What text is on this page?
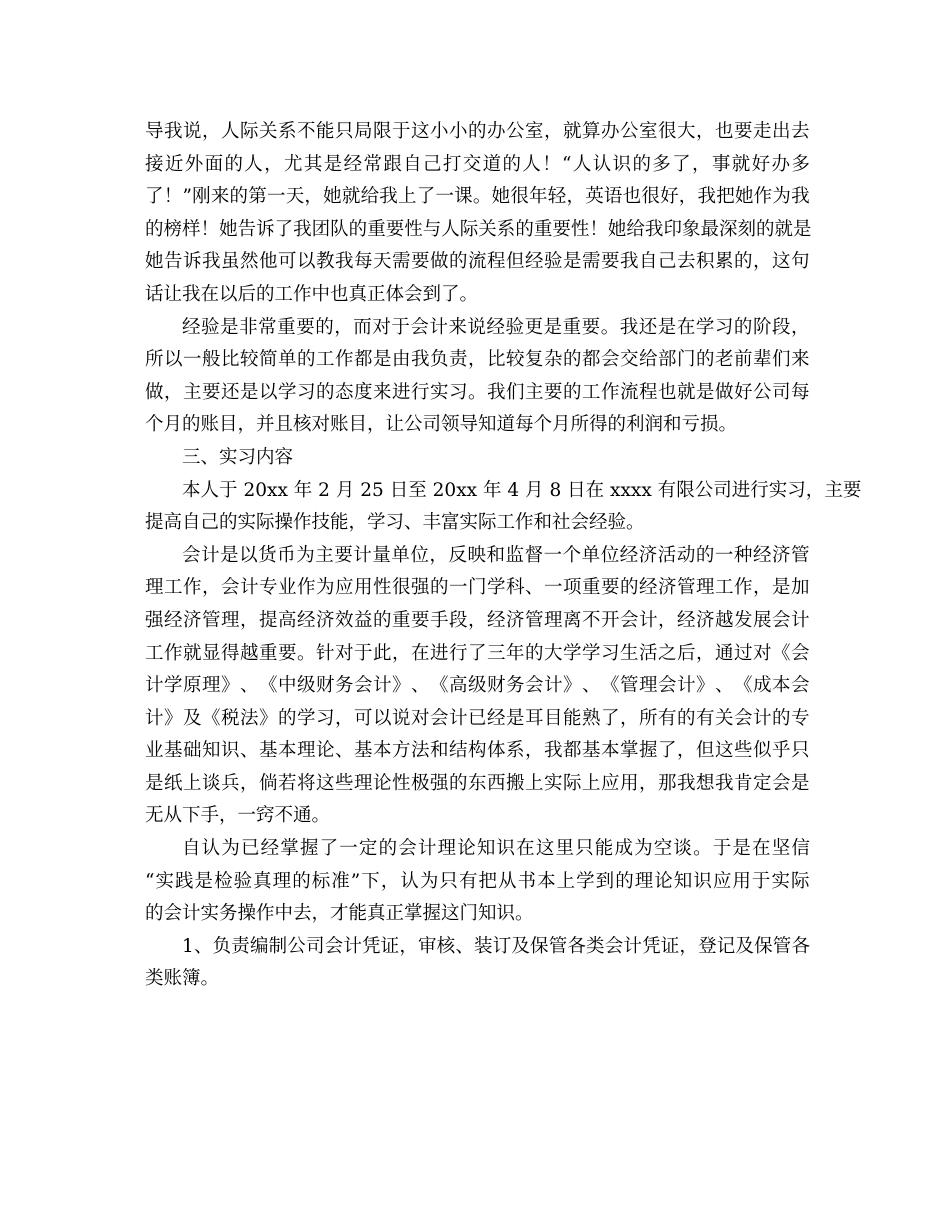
导 我 说 ， 人 际 关 系 不 能 只 局 限 于 这 小 小 的 办 公 室 ， 就 算 办 公 室 很 大 ， 也 要 走 出 去
接 近 外 面 的 人 ， 尤 其 是 经 常 跟 自 己 打 交 道 的 人 ！ “ 人 认 识 的 多 了 ， 事 就 好 办 多
了 ！ ” 刚 来 的 第 一 天 ， 她 就 给 我 上 了 一 课 。 她 很 年 轻 ， 英 语 也 很 好 ， 我 把 她 作 为 我
的 榜 样 ！ 她 告 诉 了 我 团 队 的 重 要 性 与 人 际 关 系 的 重 要 性 ！ 她 给 我 印 象 最 深 刻 的 就 是
她 告 诉 我 虽 然 他 可 以 教 我 每 天 需 要 做 的 流 程 但 经 验 是 需 要 我 自 己 去 积 累 的 ， 这 句
话让我在以后的工作中也真正体会到了。
经 验 是 非 常 重 要 的 ， 而 对 于 会 计 来 说 经 验 更 是 重 要 。 我 还 是 在 学 习 的 阶 段 ，
所 以 一 般 比 较 简 单 的 工 作 都 是 由 我 负 责 ， 比 较 复 杂 的 都 会 交 给 部 门 的 老 前 辈 们 来
做 ， 主 要 还 是 以 学 习 的 态 度 来 进 行 实 习 。 我 们 主 要 的 工 作 流 程 也 就 是 做 好 公 司 每
个月的账目，并且核对账目，让公司领导知道每个月所得的利润和亏损。
三、实习内容
本 人 于
2 0 x x
年
2
月
2 5
日 至
2 0 x x
年
4
月
8
日 在
x x x x
有 限 公 司 进 行 实 习 ， 主 要
提高自己的实际操作技能，学习、丰富实际工作和社会经验。
会 计 是 以 货 币 为 主 要 计 量 单 位 ， 反 映 和 监 督 一 个 单 位 经 济 活 动 的 一 种 经 济 管
理 工 作 ， 会 计 专 业 作 为 应 用 性 很 强 的 一 门 学 科 、 一 项 重 要 的 经 济 管 理 工 作 ， 是 加
强 经 济 管 理 ， 提 高 经 济 效 益 的 重 要 手 段 ， 经 济 管 理 离 不 开 会 计 ， 经 济 越 发 展 会 计
工 作 就 显 得 越 重 要 。 针 对 于 此 ， 在 进 行 了 三 年 的 大 学 学 习 生 活 之 后 ， 通 过 对 《 会
计 学 原 理 》 、 《 中 级 财 务 会 计 》 、 《 高 级 财 务 会 计 》 、 《 管 理 会 计 》 、 《 成 本 会
计 》 及 《 税 法 》 的 学 习 ， 可 以 说 对 会 计 已 经 是 耳 目 能 熟 了 ， 所 有 的 有 关 会 计 的 专
业 基 础 知 识 、 基 本 理 论 、 基 本 方 法 和 结 构 体 系 ， 我 都 基 本 掌 握 了 ， 但 这 些 似 乎 只
是 纸 上 谈 兵 ， 倘 若 将 这 些 理 论 性 极 强 的 东 西 搬 上 实 际 上 应 用 ， 那 我 想 我 肯 定 会 是
无从下手，一窍不通。
自 认 为 已 经 掌 握 了 一 定 的 会 计 理 论 知 识 在 这 里 只 能 成 为 空 谈 。 于 是 在 坚 信
“ 实 践 是 检 验 真 理 的 标 准 ” 下 ， 认 为 只 有 把 从 书 本 上 学 到 的 理 论 知 识 应 用 于 实 际
的会计实务操作中去，才能真正掌握这门知识。
1 、 负 责 编 制 公 司 会 计 凭 证 ， 审 核 、 装 订 及 保 管 各 类 会 计 凭 证 ， 登 记 及 保 管 各
类账簿。
